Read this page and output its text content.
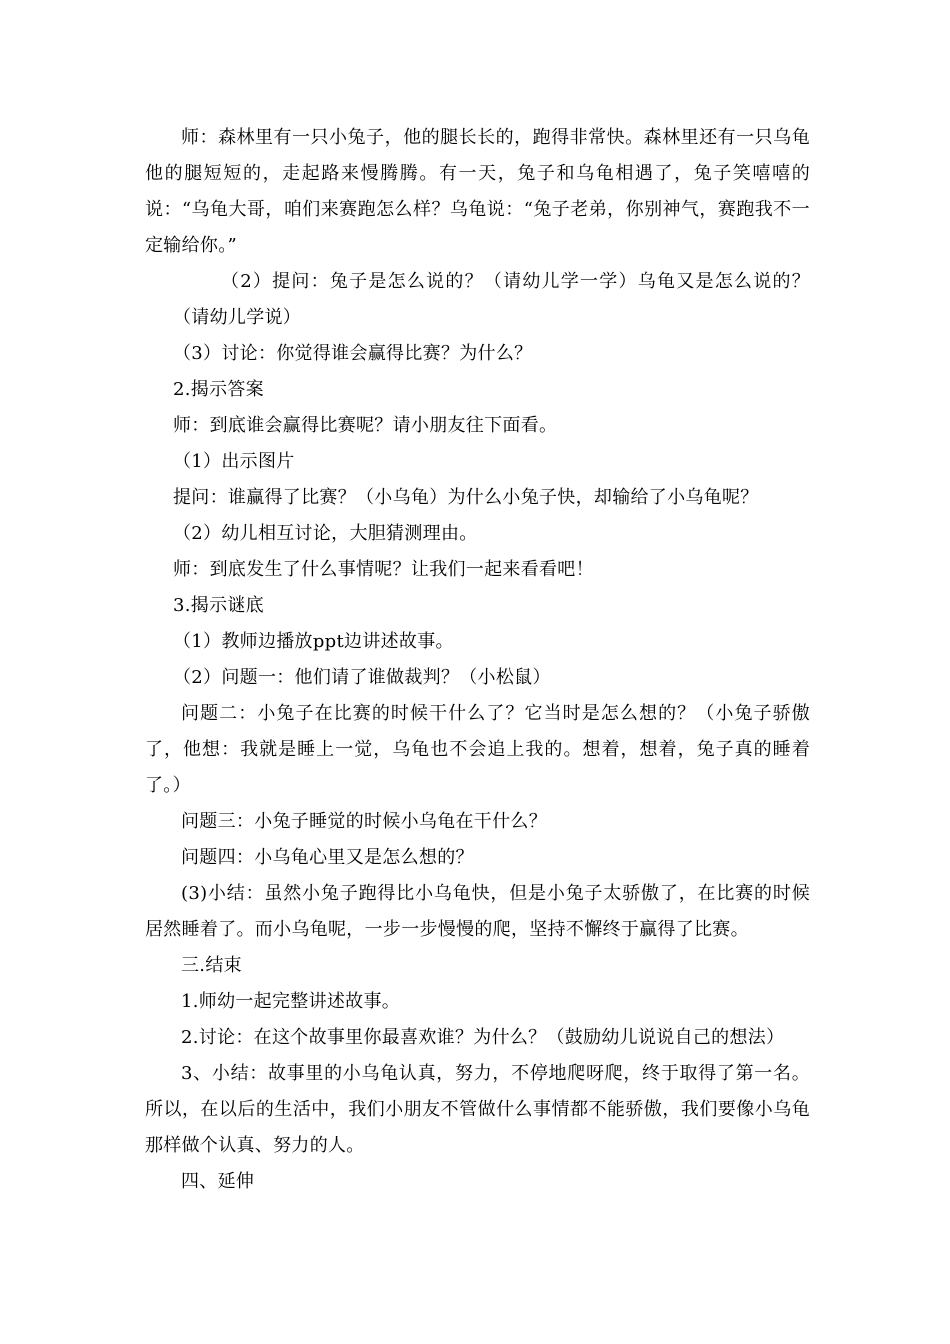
师：森林里有一只小兔子，他的腿长长的，跑得非常快。森林里还有一只乌龟他的腿短短的，走起路来慢腾腾。有一天，兔子和乌龟相遇了，兔子笑嘻嘻的说：“乌龟大哥，咱们来赛跑怎么样？乌龟说：“兔子老弟，你别神气，赛跑我不一定输给你。”

（2）提问：兔子是怎么说的？（请幼儿学一学）乌龟又是怎么说的？（请幼儿学说）

（3）讨论：你觉得谁会赢得比赛？为什么？

2.揭示答案

师：到底谁会赢得比赛呢？请小朋友往下面看。

（1）出示图片

提问：谁赢得了比赛？（小乌龟）为什么小兔子快，却输给了小乌龟呢？

（2）幼儿相互讨论，大胆猜测理由。

师：到底发生了什么事情呢？让我们一起来看看吧！

3.揭示谜底

（1）教师边播放ppt边讲述故事。

（2）问题一：他们请了谁做裁判？（小松鼠）

问题二：小兔子在比赛的时候干什么了？它当时是怎么想的？（小兔子骄傲了，他想：我就是睡上一觉，乌龟也不会追上我的。想着，想着，兔子真的睡着了。）

问题三：小兔子睡觉的时候小乌龟在干什么？

问题四：小乌龟心里又是怎么想的？

(3)小结：虽然小兔子跑得比小乌龟快，但是小兔子太骄傲了，在比赛的时候居然睡着了。而小乌龟呢，一步一步慢慢的爬，坚持不懈终于赢得了比赛。

三.结束

1.师幼一起完整讲述故事。

2.讨论：在这个故事里你最喜欢谁？为什么？（鼓励幼儿说说自己的想法）

3、小结：故事里的小乌龟认真，努力，不停地爬呀爬，终于取得了第一名。所以，在以后的生活中，我们小朋友不管做什么事情都不能骄傲，我们要像小乌龟那样做个认真、努力的人。

四、延伸
